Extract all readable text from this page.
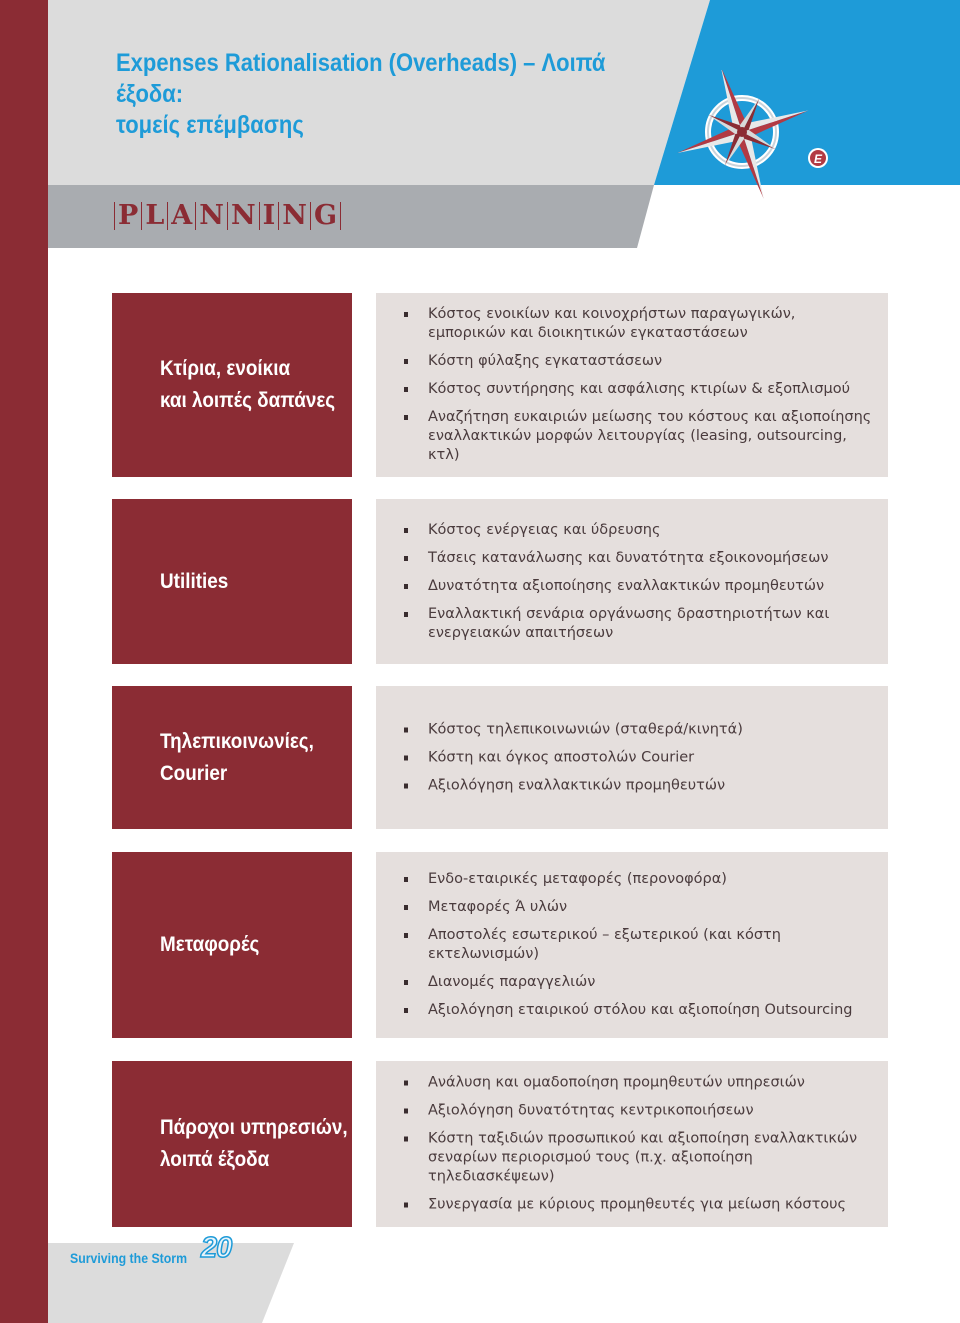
Expenses Rationalisation (Overheads) – Λοιπά έξοδα:
τομείς επέμβασης
P L A N N I N G
E

Κτίρια, ενοίκια
και λοιπές δαπάνες

Κόστος ενοικίων και κοινοχρήστων παραγωγικών, εμπορικών και διοικητικών εγκαταστάσεων
Κόστη φύλαξης εγκαταστάσεων
Κόστος συντήρησης και ασφάλισης κτιρίων & εξοπλισμού
Αναζήτηση ευκαιριών μείωσης του κόστους και αξιοποίησης εναλλακτικών μορφών λειτουργίας (leasing, outsourcing, κτλ)

Utilities

Κόστος ενέργειας και ύδρευσης
Τάσεις κατανάλωσης και δυνατότητα εξοικονομήσεων
Δυνατότητα αξιοποίησης εναλλακτικών προμηθευτών
Εναλλακτική σενάρια οργάνωσης δραστηριοτήτων και ενεργειακών απαιτήσεων

Τηλεπικοινωνίες,
Courier

Κόστος τηλεπικοινωνιών (σταθερά/κινητά)
Κόστη και όγκος αποστολών Courier
Αξιολόγηση εναλλακτικών προμηθευτών

Μεταφορές

Ενδο-εταιρικές μεταφορές (περονοφόρα)
Μεταφορές Ά υλών
Αποστολές εσωτερικού – εξωτερικού (και κόστη εκτελωνισμών)
Διανομές παραγγελιών
Αξιολόγηση εταιρικού στόλου και αξιοποίηση Outsourcing

Πάροχοι υπηρεσιών,
λοιπά έξοδα

Ανάλυση και ομαδοποίηση προμηθευτών υπηρεσιών
Αξιολόγηση δυνατότητας κεντρικοποιήσεων
Κόστη ταξιδιών προσωπικού και αξιοποίηση εναλλακτικών σεναρίων περιορισμού τους (π.χ. αξιοποίηση τηλεδιασκέψεων)
Συνεργασία με κύριους προμηθευτές για μείωση κόστους
Surviving the Storm 20
